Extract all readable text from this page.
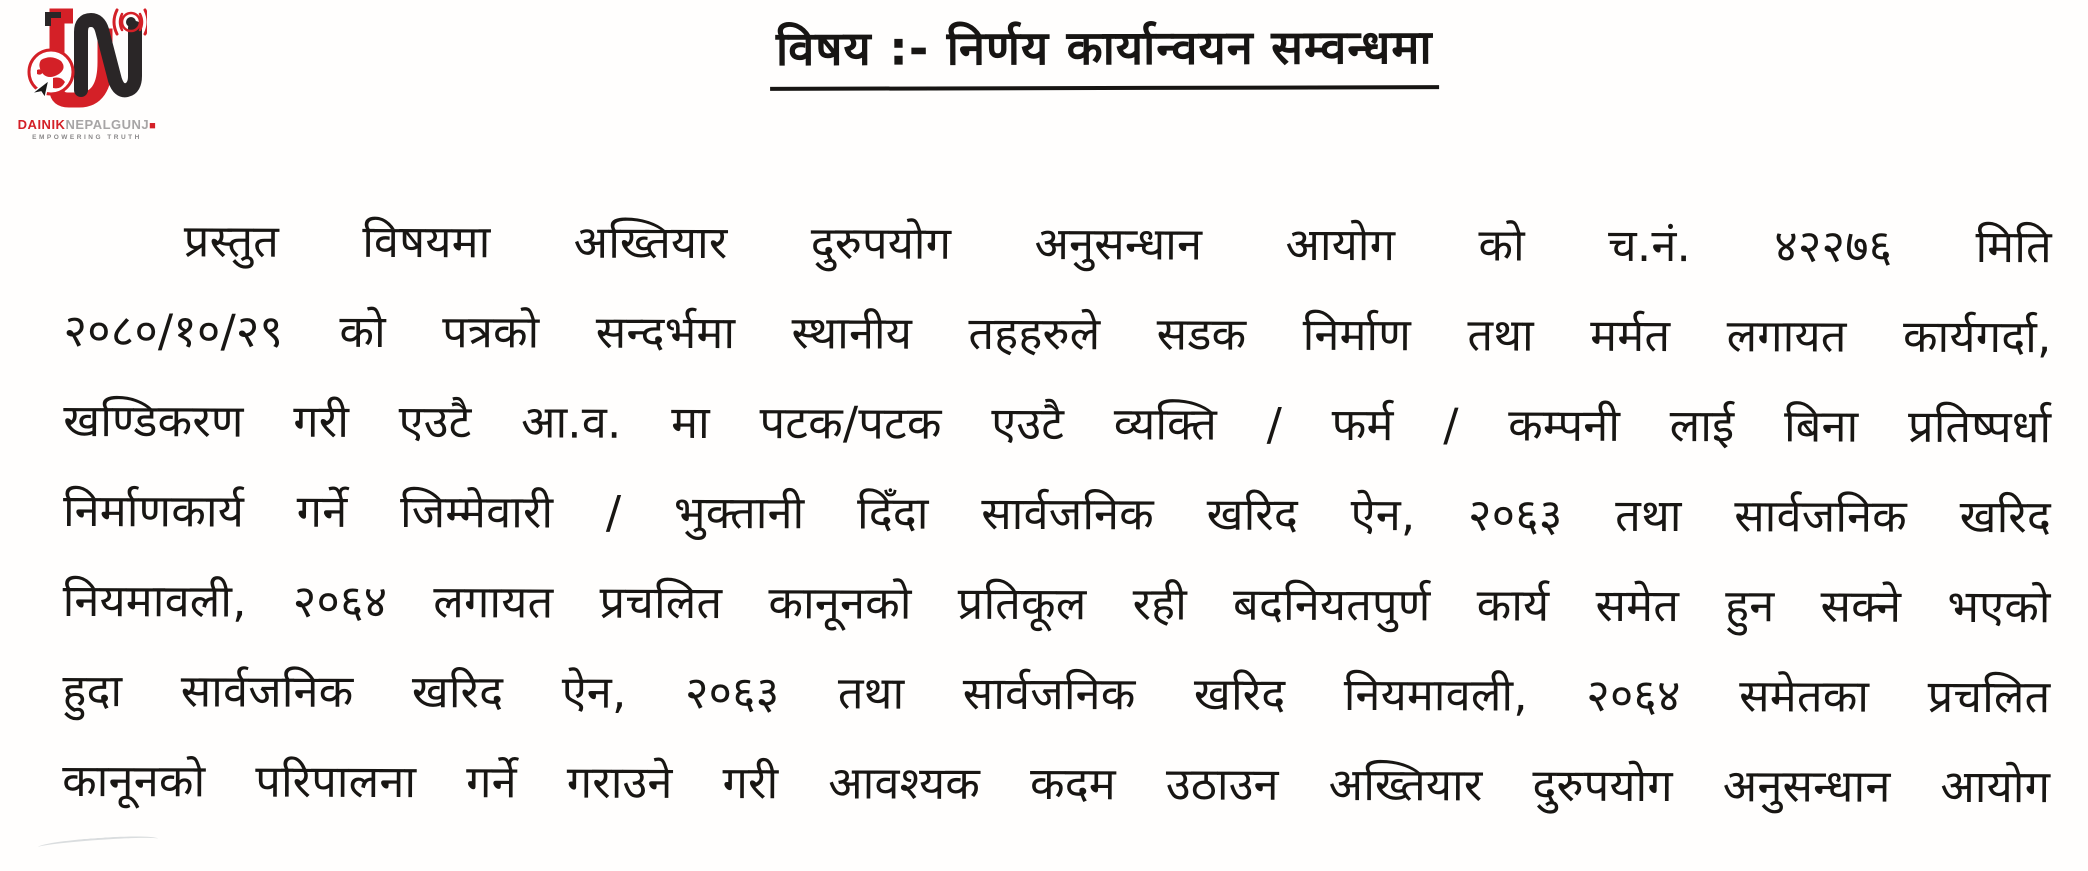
DAINIKNEPALGUNJ■
EMPOWERING TRUTH
विषय :- निर्णय कार्यान्वयन सम्वन्धमा
प्रस्तुत विषयमा अख्तियार दुरुपयोग अनुसन्धान आयोग को च.नं. ४२२७६ मिति
२०८०/१०/२९ को पत्रको सन्दर्भमा स्थानीय तहहरुले सडक निर्माण तथा मर्मत लगायत कार्यगर्दा,
खण्डिकरण गरी एउटै आ.व. मा पटक/पटक एउटै व्यक्ति / फर्म / कम्पनी लाई बिना प्रतिष्पर्धा
निर्माणकार्य गर्ने जिम्मेवारी / भुक्तानी दिँदा सार्वजनिक खरिद ऐन, २०६३ तथा सार्वजनिक खरिद
नियमावली, २०६४ लगायत प्रचलित कानूनको प्रतिकूल रही बदनियतपुर्ण कार्य समेत हुन सक्ने भएको
हुदा सार्वजनिक खरिद ऐन, २०६३ तथा सार्वजनिक खरिद नियमावली, २०६४ समेतका प्रचलित
कानूनको परिपालना गर्ने गराउने गरी आवश्यक कदम उठाउन अख्तियार दुरुपयोग अनुसन्धान आयोग
